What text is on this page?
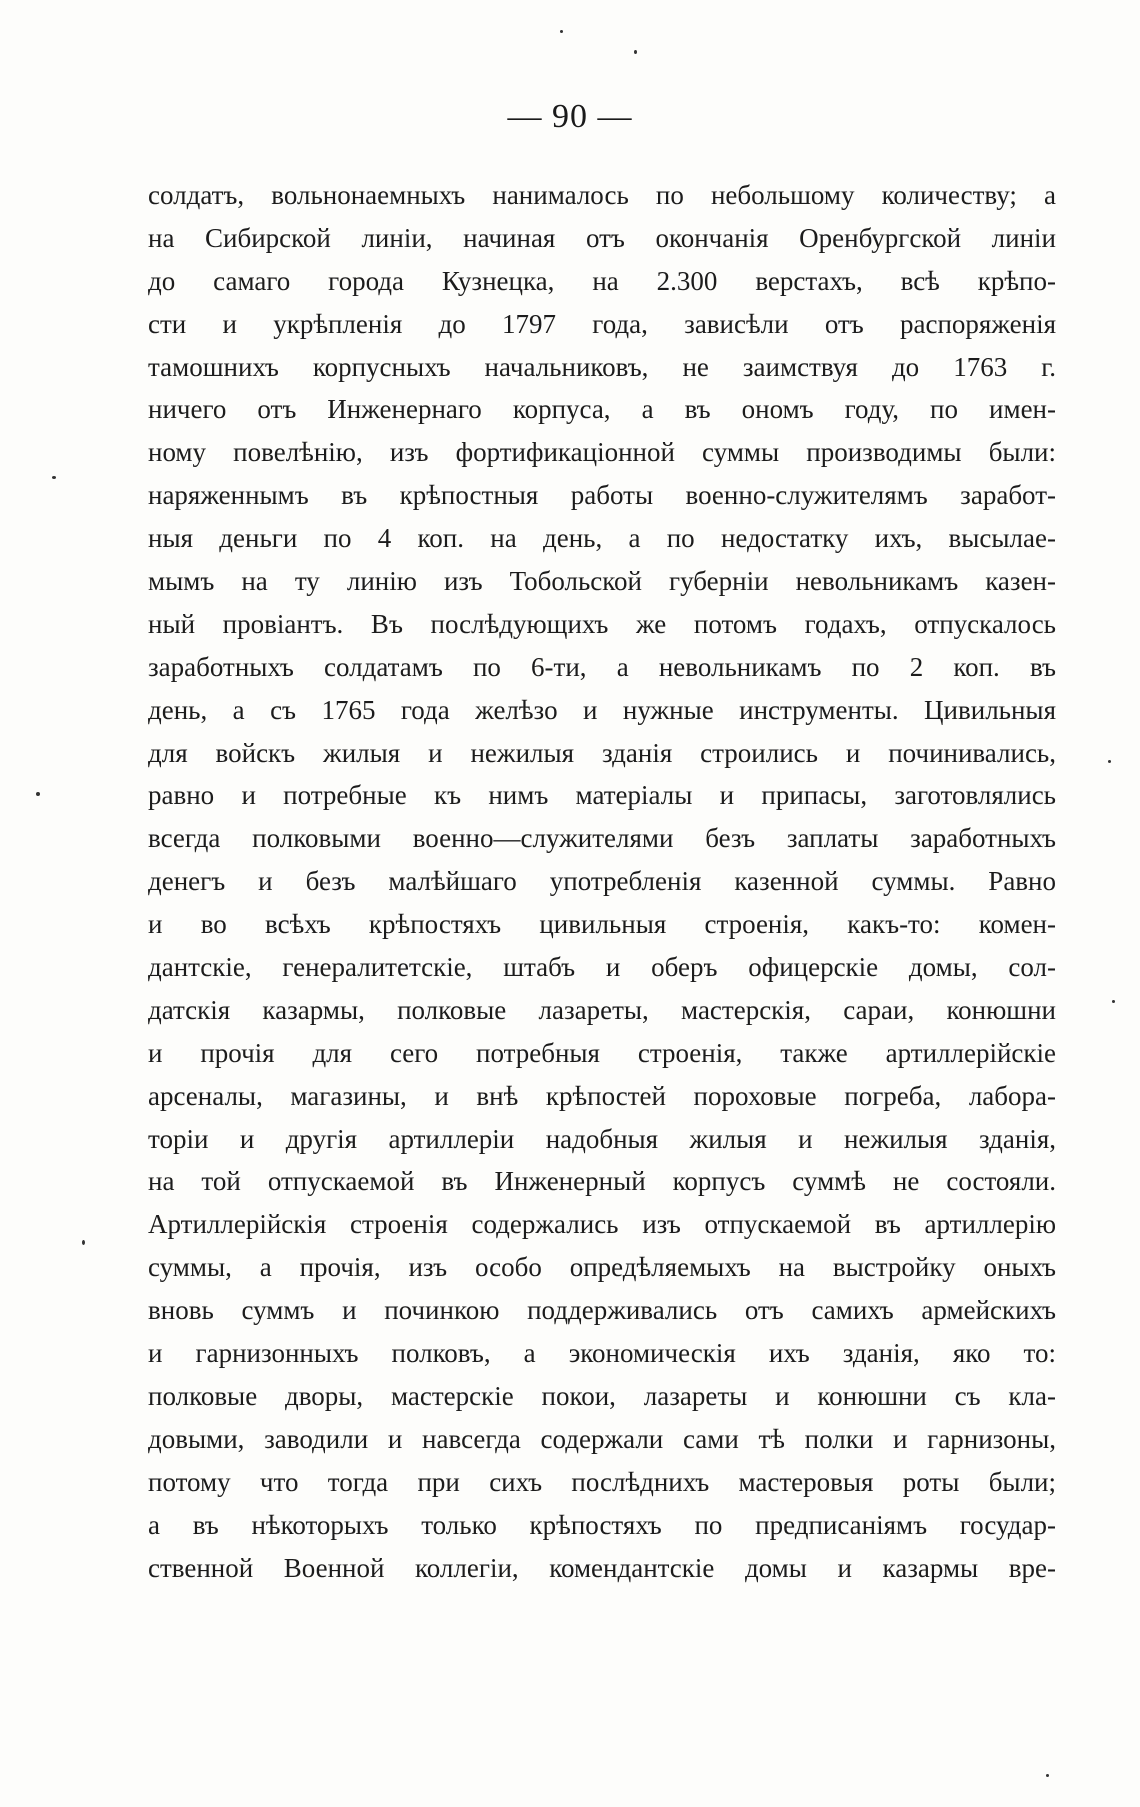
— 90 —
солдатъ, вольнонаемныхъ нанималось по небольшому количеству; а
на Сибирской линіи, начиная отъ окончанія Оренбургской линіи
до самаго города Кузнецка, на 2.300 верстахъ, всѣ крѣпо-
сти и укрѣпленія до 1797 года, зависѣли отъ распоряженія
тамошнихъ корпусныхъ начальниковъ, не заимствуя до 1763 г.
ничего отъ Инженернаго корпуса, а въ ономъ году, по имен-
ному повелѣнію, изъ фортификаціонной суммы производимы были:
наряженнымъ въ крѣпостныя работы военно-служителямъ заработ-
ныя деньги по 4 коп. на день, а по недостатку ихъ, высылае-
мымъ на ту линію изъ Тобольской губерніи невольникамъ казен-
ный провіантъ. Въ послѣдующихъ же потомъ годахъ, отпускалось
заработныхъ солдатамъ по 6-ти, а невольникамъ по 2 коп. въ
день, а съ 1765 года желѣзо и нужные инструменты. Цивильныя
для войскъ жилыя и нежилыя зданія строились и починивались,
равно и потребные къ нимъ матеріалы и припасы, заготовлялись
всегда полковыми военно—служителями безъ заплаты заработныхъ
денегъ и безъ малѣйшаго употребленія казенной суммы. Равно
и во всѣхъ крѣпостяхъ цивильныя строенія, какъ-то: комен-
дантскіе, генералитетскіе, штабъ и оберъ офицерскіе домы, сол-
датскія казармы, полковые лазареты, мастерскія, сараи, конюшни
и прочія для сего потребныя строенія, также артиллерійскіе
арсеналы, магазины, и внѣ крѣпостей пороховые погреба, лабора-
торіи и другія артиллеріи надобныя жилыя и нежилыя зданія,
на той отпускаемой въ Инженерный корпусъ суммѣ не состояли.
Артиллерійскія строенія содержались изъ отпускаемой въ артиллерію
суммы, а прочія, изъ особо опредѣляемыхъ на выстройку оныхъ
вновь суммъ и починкою поддерживались отъ самихъ армейскихъ
и гарнизонныхъ полковъ, а экономическія ихъ зданія, яко то:
полковые дворы, мастерскіе покои, лазареты и конюшни съ кла-
довыми, заводили и навсегда содержали сами тѣ полки и гарнизоны,
потому что тогда при сихъ послѣднихъ мастеровыя роты были;
а въ нѣкоторыхъ только крѣпостяхъ по предписаніямъ государ-
ственной Военной коллегіи, комендантскіе домы и казармы вре-
